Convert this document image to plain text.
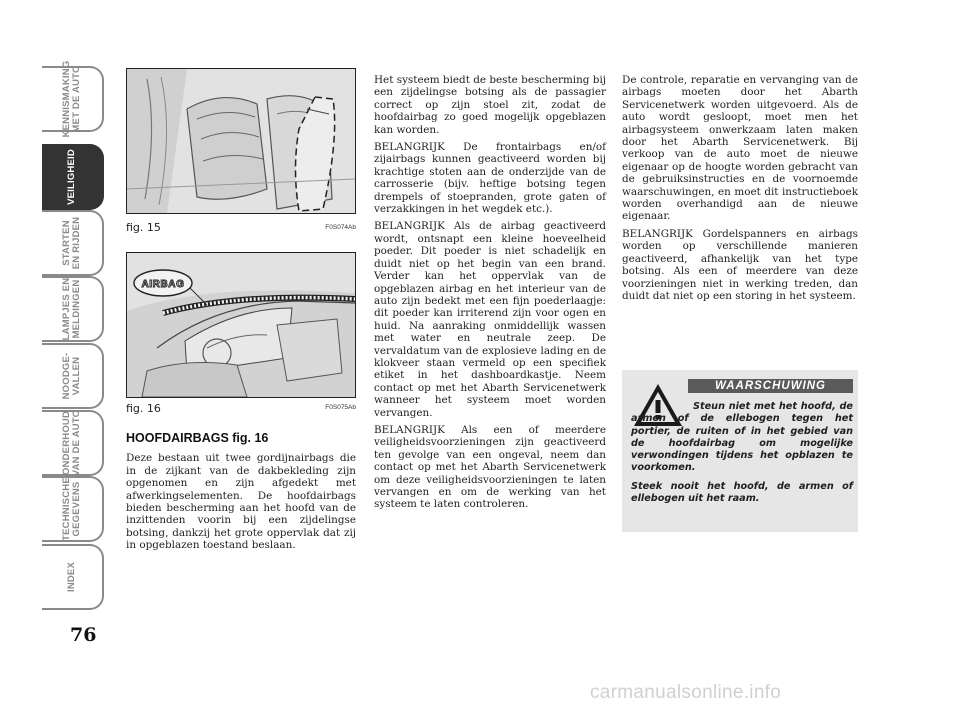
KENNISMAKING
MET DE AUTO
VEILIGHEID
STARTEN
EN RIJDEN
LAMPJES EN
MELDINGEN
NOODGE-
VALLEN
ONDERHOUD
VAN DE AUTO
TECHNISCHE
GEGEVENS
INDEX
76
fig. 15	F0S074Ab
AIRBAG
fig. 16	F0S075Ab
HOOFDAIRBAGS fig. 16

Deze bestaan uit twee gordijnairbags die in de zijkant van de dakbekleding zijn opgenomen en zijn afgedekt met afwerkingselementen. De hoofdairbags bieden bescherming aan het hoofd van de inzittenden voorin bij een zijdelingse botsing, dankzij het grote oppervlak dat zij in opgeblazen toestand beslaan.

Het systeem biedt de beste bescherming bij een zijdelingse botsing als de passagier correct op zijn stoel zit, zodat de hoofdairbag zo goed mogelijk opgeblazen kan worden.

BELANGRIJK De frontairbags en/of zijairbags kunnen geactiveerd worden bij krachtige stoten aan de onderzijde van de carrosserie (bijv. heftige botsing tegen drempels of stoepranden, grote gaten of verzakkingen in het wegdek etc.).

BELANGRIJK Als de airbag geactiveerd wordt, ontsnapt een kleine hoeveelheid poeder. Dit poeder is niet schadelijk en duidt niet op het begin van een brand. Verder kan het oppervlak van de opgeblazen airbag en het interieur van de auto zijn bedekt met een fijn poederlaagje: dit poeder kan irriterend zijn voor ogen en huid. Na aanraking onmiddellijk wassen met water en neutrale zeep. De vervaldatum van de explosieve lading en de klokveer staan vermeld op een specifiek etiket in het dashboardkastje. Neem contact op met het Abarth Servicenetwerk wanneer het systeem moet worden vervangen.

BELANGRIJK Als een of meerdere veiligheidsvoorzieningen zijn geactiveerd ten gevolge van een ongeval, neem dan contact op met het Abarth Servicenetwerk om deze veiligheidsvoorzieningen te laten vervangen en om de werking van het systeem te laten controleren.

De controle, reparatie en vervanging van de airbags moeten door het Abarth Servicenetwerk worden uitgevoerd. Als de auto wordt gesloopt, moet men het airbagsysteem onwerkzaam laten maken door het Abarth Servicenetwerk. Bij verkoop van de auto moet de nieuwe eigenaar op de hoogte worden gebracht van de gebruiksinstructies en de voornoemde waarschuwingen, en moet dit instructieboek worden overhandigd aan de nieuwe eigenaar.

BELANGRIJK Gordelspanners en airbags worden op verschillende manieren geactiveerd, afhankelijk van het type botsing. Als een of meerdere van deze voorzieningen niet in werking treden, dan duidt dat niet op een storing in het systeem.

WAARSCHUWING

Steun niet met het hoofd, de armen of de ellebogen tegen het portier, de ruiten of in het gebied van de hoofdairbag om mogelijke verwondingen tijdens het opblazen te voorkomen.

Steek nooit het hoofd, de armen of ellebogen uit het raam.

carmanualsonline.info
